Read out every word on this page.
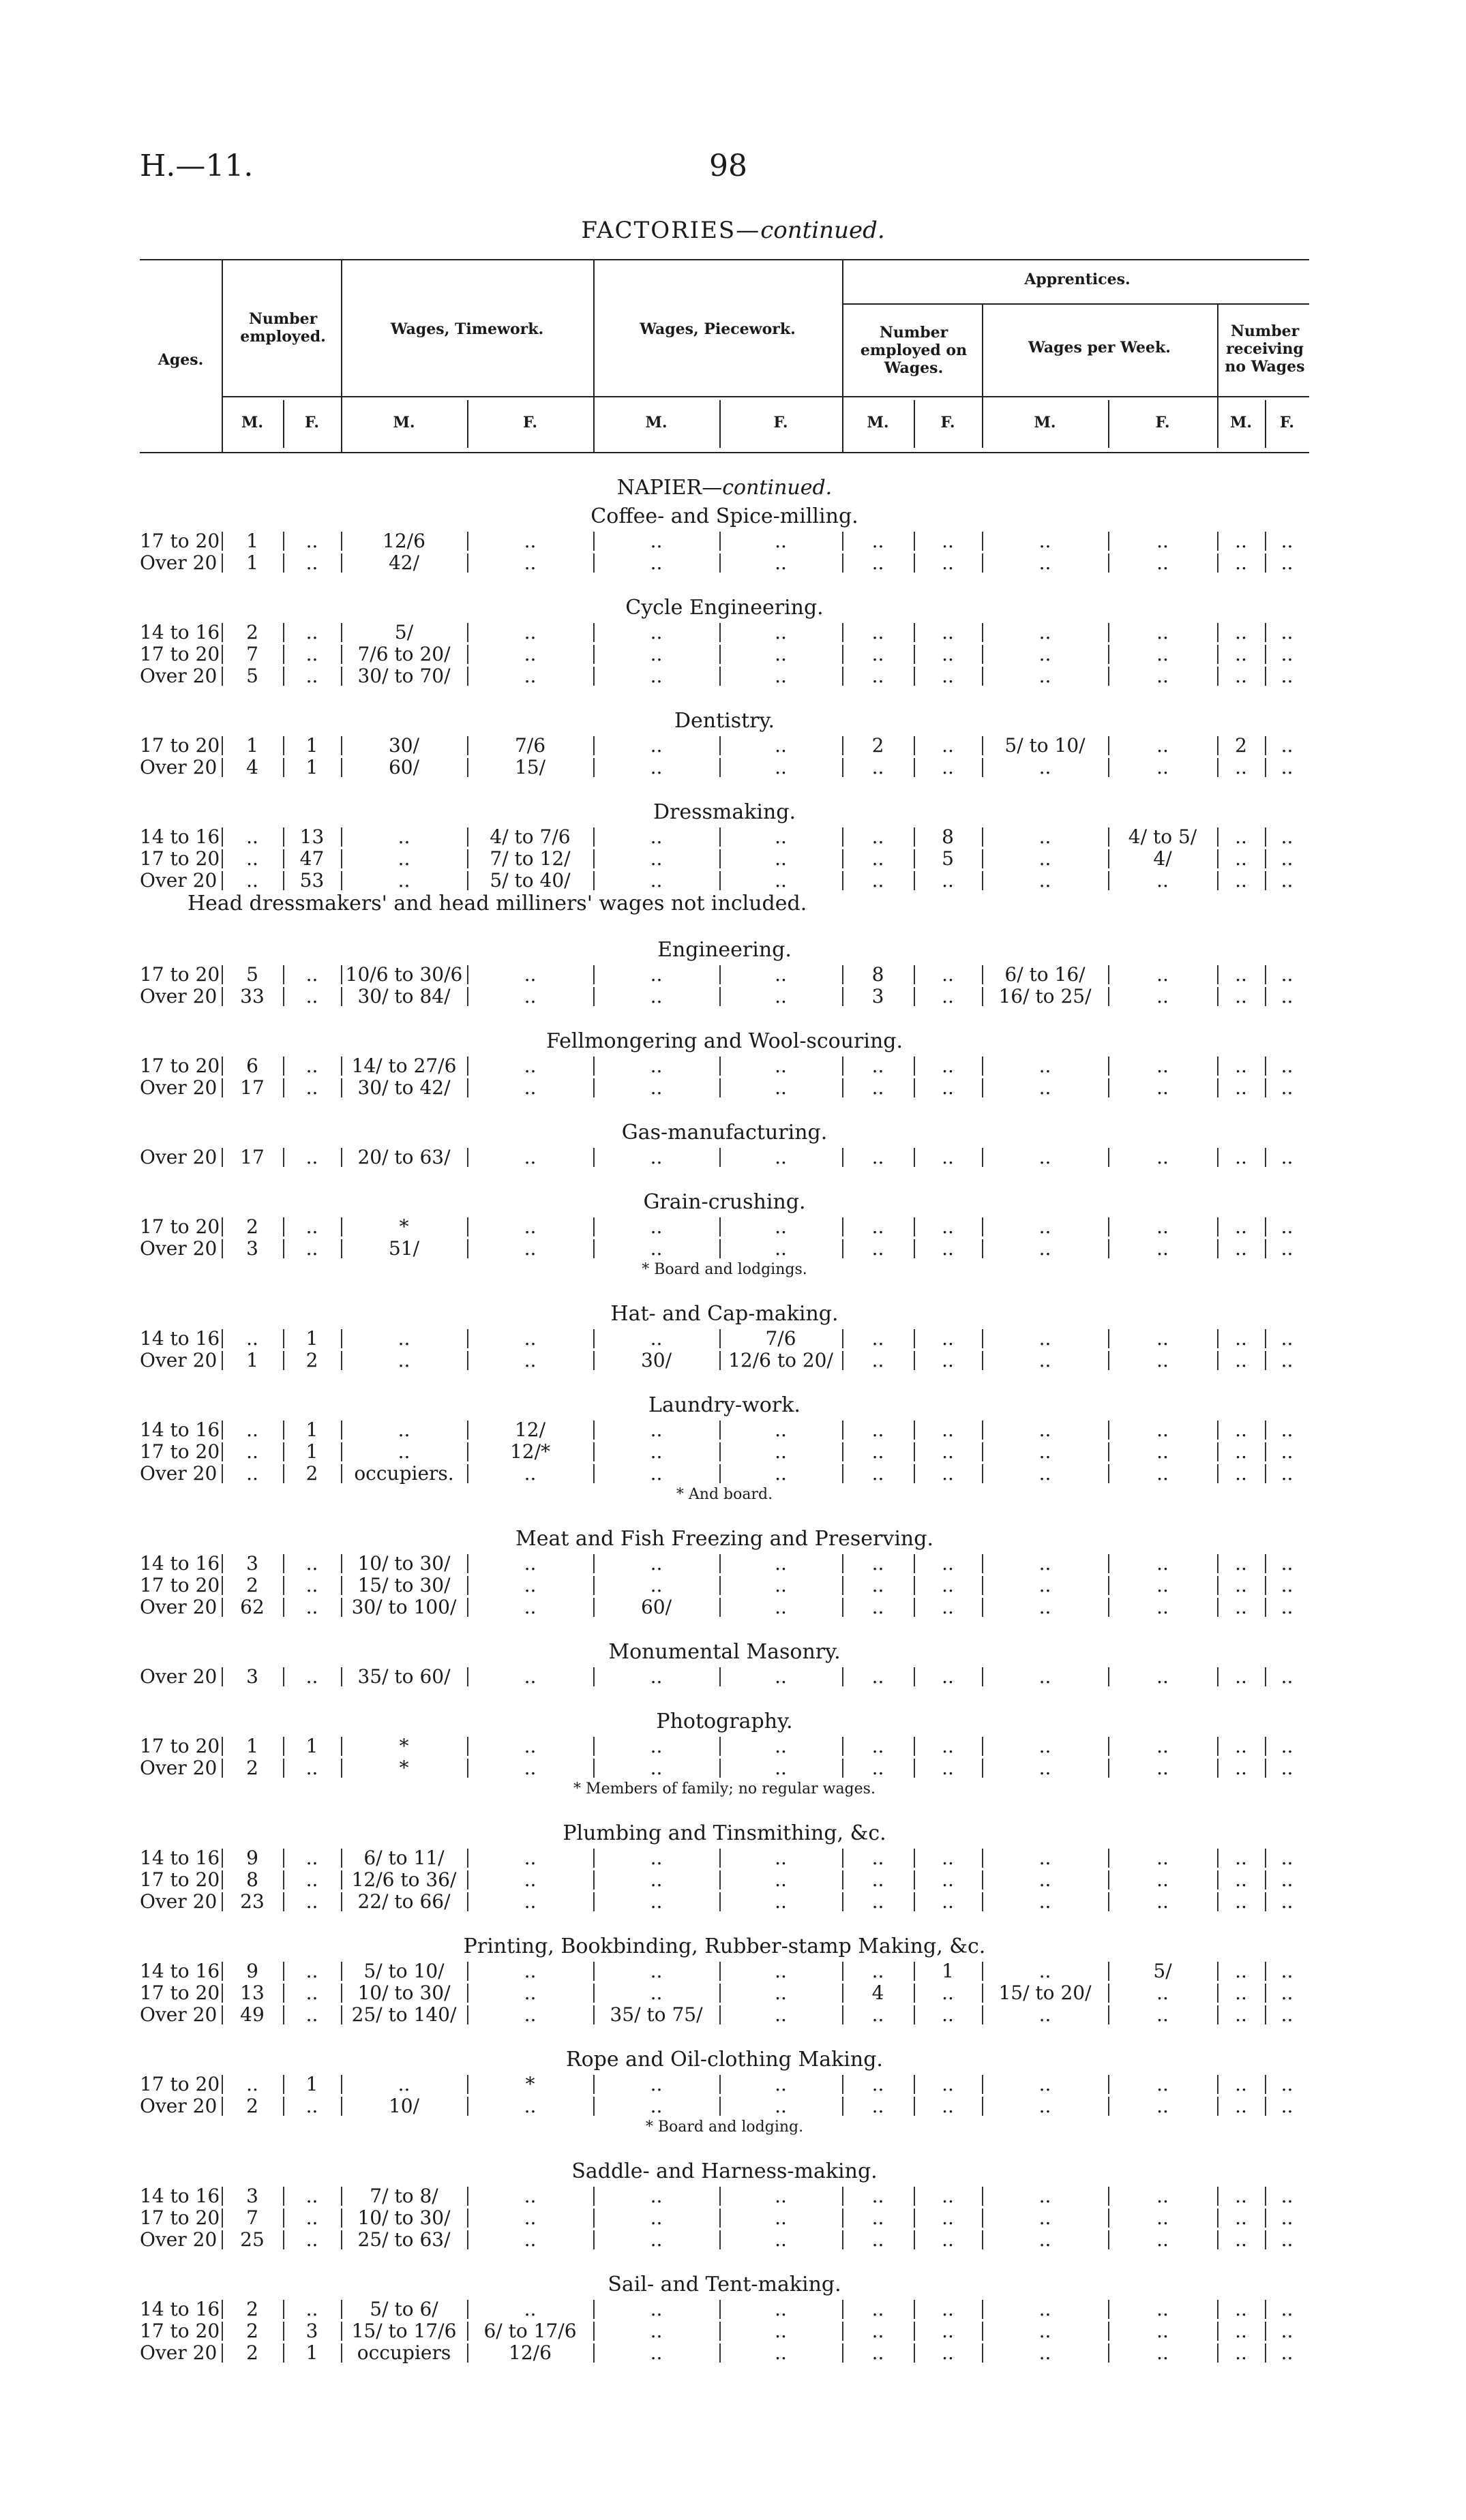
H.—11.	98
FACTORIES—continued.
Ages.
Number employed.	Wages, Timework.	Wages, Piecework.
Apprentices.
Number employed on Wages.
Wages per Week.
Number receiving no Wages
M.	F.	M.	F.	M.	F.	M.	F.	M.	F.	M.	F.
NAPIER—continued.
Coffee- and Spice-milling.
17 to 20	1	..	12/6	..	..	..	..	..	..	..	..	..
Over 20	1	..	42/	..	..	..	..	..	..	..	..	..
Cycle Engineering.
14 to 16	2	..	5/	..	..	..	..	..	..	..	..	..
17 to 20	7	..	7/6 to 20/	..	..	..	..	..	..	..	..	..
Over 20	5	..	30/ to 70/	..	..	..	..	..	..	..	..	..
Dentistry.
17 to 20	1	1	30/	7/6	..	..	2	..	5/ to 10/	..	2	..
Over 20	4	1	60/	15/	..	..	..	..	..	..	..	..
Dressmaking.
14 to 16	..	13	..	4/ to 7/6	..	..	..	8	..	4/ to 5/	..	..
17 to 20	..	47	..	7/ to 12/	..	..	..	5	..	4/	..	..
Over 20	..	53	..	5/ to 40/	..	..	..	..	..	..	..	..
Head dressmakers' and head milliners' wages not included.
Engineering.
17 to 20	5	..	10/6 to 30/6	..	..	..	8	..	6/ to 16/	..	..	..
Over 20	33	..	30/ to 84/	..	..	..	3	..	16/ to 25/	..	..	..
Fellmongering and Wool-scouring.
17 to 20	6	..	14/ to 27/6	..	..	..	..	..	..	..	..	..
Over 20	17	..	30/ to 42/	..	..	..	..	..	..	..	..	..
Gas-manufacturing.
Over 20	17	..	20/ to 63/	..	..	..	..	..	..	..	..	..
Grain-crushing.
17 to 20	2	..	*	..	..	..	..	..	..	..	..	..
Over 20	3	..	51/	..	..	..	..	..	..	..	..	..
* Board and lodgings.
Hat- and Cap-making.
14 to 16	..	1	..	..	..	7/6	..	..	..	..	..	..
Over 20	1	2	..	..	30/	12/6 to 20/	..	..	..	..	..	..
Laundry-work.
14 to 16	..	1	..	12/	..	..	..	..	..	..	..	..
17 to 20	..	1	..	12/*	..	..	..	..	..	..	..	..
Over 20	..	2	occupiers.	..	..	..	..	..	..	..	..	..
* And board.
Meat and Fish Freezing and Preserving.
14 to 16	3	..	10/ to 30/	..	..	..	..	..	..	..	..	..
17 to 20	2	..	15/ to 30/	..	..	..	..	..	..	..	..	..
Over 20	62	..	30/ to 100/	..	60/	..	..	..	..	..	..	..
Monumental Masonry.
Over 20	3	..	35/ to 60/	..	..	..	..	..	..	..	..	..
Photography.
17 to 20	1	1	*	..	..	..	..	..	..	..	..	..
Over 20	2	..	*	..	..	..	..	..	..	..	..	..
* Members of family; no regular wages.
Plumbing and Tinsmithing, &c.
14 to 16	9	..	6/ to 11/	..	..	..	..	..	..	..	..	..
17 to 20	8	..	12/6 to 36/	..	..	..	..	..	..	..	..	..
Over 20	23	..	22/ to 66/	..	..	..	..	..	..	..	..	..
Printing, Bookbinding, Rubber-stamp Making, &c.
14 to 16	9	..	5/ to 10/	..	..	..	..	1	..	5/	..	..
17 to 20	13	..	10/ to 30/	..	..	..	4	..	15/ to 20/	..	..	..
Over 20	49	..	25/ to 140/	..	35/ to 75/	..	..	..	..	..	..	..
Rope and Oil-clothing Making.
17 to 20	..	1	..	*	..	..	..	..	..	..	..	..
Over 20	2	..	10/	..	..	..	..	..	..	..	..	..
* Board and lodging.
Saddle- and Harness-making.
14 to 16	3	..	7/ to 8/	..	..	..	..	..	..	..	..	..
17 to 20	7	..	10/ to 30/	..	..	..	..	..	..	..	..	..
Over 20	25	..	25/ to 63/	..	..	..	..	..	..	..	..	..
Sail- and Tent-making.
14 to 16	2	..	5/ to 6/	..	..	..	..	..	..	..	..	..
17 to 20	2	3	15/ to 17/6	6/ to 17/6	..	..	..	..	..	..	..	..
Over 20	2	1	occupiers	12/6	..	..	..	..	..	..	..	..
